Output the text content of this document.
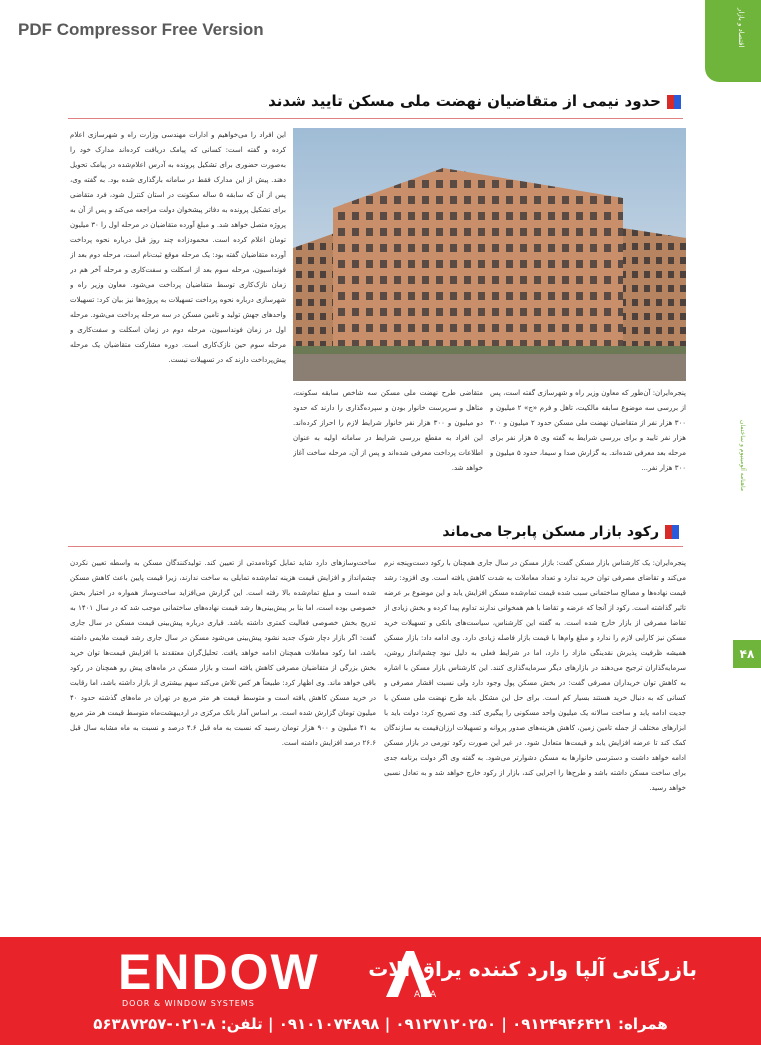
PDF Compressor Free Version	اقتصاد و بازار
ماهنامه آلومینیوم و ساختمان
۴۸
حدود نیمی از متقاضیان نهضت ملی مسکن تایید شدند
این افراد را می‌خواهیم و ادارات مهندسی وزارت راه و شهرسازی اعلام کرده و گفته است: کسانی که پیامک دریافت کرده‌اند مدارک خود را به‌صورت حضوری برای تشکیل پرونده به آدرس اعلام‌شده در پیامک تحویل دهند. پیش از این مدارک فقط در سامانه بارگذاری شده بود. به گفته وی، پس از آن که سابقه ۵ ساله سکونت در استان کنترل شود، فرد متقاضی برای تشکیل پرونده به دفاتر پیشخوان دولت مراجعه می‌کند و پس از آن به پروژه متصل خواهد شد. و مبلغ آورده متقاضیان در مرحله اول را ۳۰ میلیون تومان اعلام کرده است. محمودزاده چند روز قبل درباره نحوه پرداخت آورده متقاضیان گفته بود: یک مرحله موقع ثبت‌نام است، مرحله دوم بعد از فونداسیون، مرحله سوم بعد از اسکلت و سفت‌کاری و مرحله آخر هم در زمان نازک‌کاری توسط متقاضیان پرداخت می‌شود. معاون وزیر راه و شهرسازی درباره نحوه پرداخت تسهیلات به پروژه‌ها نیز بیان کرد: تسهیلات واحدهای جهش تولید و تامین مسکن در سه مرحله پرداخت می‌شود. مرحله اول در زمان فونداسیون، مرحله دوم در زمان اسکلت و سفت‌کاری و مرحله سوم حین نازک‌کاری است. دوره مشارکت متقاضیان یک مرحله پیش‌پرداخت دارند که در تسهیلات نیست.
متقاضی طرح نهضت ملی مسکن سه شاخص سابقه سکونت، متاهل و سرپرست خانوار بودن و سپرده‌گذاری را دارند که حدود دو میلیون و ۳۰۰ هزار نفر خانوار شرایط لازم را احراز کرده‌اند. این افراد به مقطع بررسی شرایط در سامانه اولیه به عنوان اطلاعات پرداخت معرفی شده‌اند و پس از آن، مرحله ساخت آغاز خواهد شد.
پنجره‌ایران: آن‌طور که معاون وزیر راه و شهرسازی گفته است، پس از بررسی سه موضوع سابقه مالکیت، تاهل و فرم «ج» ۲ میلیون و ۳۰۰ هزار نفر از متقاضیان نهضت ملی مسکن حدود ۲ میلیون و ۳۰۰ هزار نفر تایید و برای بررسی شرایط به گفته وی ۵ هزار نفر برای مرحله بعد معرفی شده‌اند. به گزارش صدا و سیما، حدود ۵ میلیون و ۳۰۰ هزار نفر...
رکود بازار مسکن پابرجا می‌ماند
ساخت‌وسازهای دارد شاید تمایل کوتاه‌مدتی از تعیین کند. تولیدکنندگان مسکن به واسطه تعیین نکردن چشم‌انداز و افزایش قیمت هزینه تمام‌شده تمایلی به ساخت ندارند، زیرا قیمت پایین باعث کاهش مسکن شده است و مبلغ تمام‌شده بالا رفته است. این گزارش می‌افزاید ساخت‌وساز همواره در اختیار بخش خصوصی بوده است، اما بنا بر پیش‌بینی‌ها رشد قیمت نهاده‌های ساختمانی موجب شد که در سال ۱۴۰۱ به تدریج بخش خصوصی فعالیت کمتری داشته باشد. قیاری درباره پیش‌بینی قیمت مسکن در سال جاری گفت: اگر بازار دچار شوک جدید نشود پیش‌بینی می‌شود مسکن در سال جاری رشد قیمت ملایمی داشته باشد، اما رکود معاملات همچنان ادامه خواهد یافت. تحلیل‌گران معتقدند با افزایش قیمت‌ها توان خرید بخش بزرگی از متقاضیان مصرفی کاهش یافته است و بازار مسکن در ماه‌های پیش رو همچنان در رکود باقی خواهد ماند. وی اظهار کرد: طبیعتاً هر کس تلاش می‌کند سهم بیشتری از بازار داشته باشد، اما رقابت در خرید مسکن کاهش یافته است و متوسط قیمت هر متر مربع در تهران در ماه‌های گذشته حدود ۴۰ میلیون تومان گزارش شده است. بر اساس آمار بانک مرکزی در اردیبهشت‌ماه متوسط قیمت هر متر مربع به ۴۱ میلیون و ۹۰۰ هزار تومان رسید که نسبت به ماه قبل ۴.۶ درصد و نسبت به ماه مشابه سال قبل ۲۶.۶ درصد افزایش داشته است.
پنجره‌ایران: یک کارشناس بازار مسکن گفت: بازار مسکن در سال جاری همچنان با رکود دست‌وپنجه نرم می‌کند و تقاضای مصرفی توان خرید ندارد و تعداد معاملات به شدت کاهش یافته است. وی افزود: رشد قیمت نهاده‌ها و مصالح ساختمانی سبب شده قیمت تمام‌شده مسکن افزایش یابد و این موضوع بر عرضه تاثیر گذاشته است. رکود از آنجا که عرضه و تقاضا با هم همخوانی ندارند تداوم پیدا کرده و بخش زیادی از تقاضا مصرفی از بازار خارج شده است. به گفته این کارشناس، سیاست‌های بانکی و تسهیلات خرید مسکن نیز کارایی لازم را ندارد و مبلغ وام‌ها با قیمت بازار فاصله زیادی دارد. وی ادامه داد: بازار مسکن همیشه ظرفیت پذیرش نقدینگی مازاد را دارد، اما در شرایط فعلی به دلیل نبود چشم‌انداز روشن، سرمایه‌گذاران ترجیح می‌دهند در بازارهای دیگر سرمایه‌گذاری کنند. این کارشناس بازار مسکن با اشاره به کاهش توان خریداران مصرفی گفت: در بخش مسکن پول وجود دارد ولی نسبت اقشار مصرفی و کسانی که به دنبال خرید هستند بسیار کم است. برای حل این مشکل باید طرح نهضت ملی مسکن با جدیت ادامه یابد و ساخت سالانه یک میلیون واحد مسکونی را پیگیری کند. وی تصریح کرد: دولت باید با ابزارهای مختلف از جمله تامین زمین، کاهش هزینه‌های صدور پروانه و تسهیلات ارزان‌قیمت به سازندگان کمک کند تا عرضه افزایش یابد و قیمت‌ها متعادل شود. در غیر این صورت رکود تورمی در بازار مسکن ادامه خواهد داشت و دسترسی خانوارها به مسکن دشوارتر می‌شود. به گفته وی اگر دولت برنامه جدی برای ساخت مسکن داشته باشد و طرح‌ها را اجرایی کند، بازار از رکود خارج خواهد شد و به تعادل نسبی خواهد رسید.
ENDOW
DOOR & WINDOW SYSTEMS
ALPA
بازرگانی آلپا وارد کننده یراق آلات
همراه: ۰۹۱۲۴۹۴۶۴۲۱ | ۰۹۱۲۷۱۲۰۲۵۰ | ۰۹۱۰۱۰۷۴۸۹۸ | تلفن: ۸-۰۲۱-۵۶۳۸۷۲۵۷
